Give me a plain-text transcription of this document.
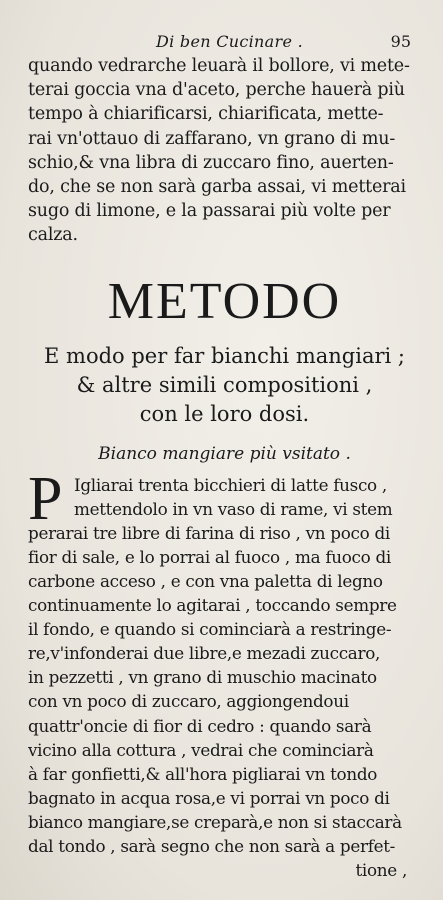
Di ben Cucinare .	95
quando vedrarche leuarà il bollore, vi mete-
terai goccia vna d'aceto, perche hauerà più
tempo à chiarificarsi, chiarificata, mette-
rai vn'ottauo di zaffarano, vn grano di mu-
schio,& vna libra di zuccaro fino, auerten-
do, che se non sarà garba assai, vi metterai
sugo di limone, e la passarai più volte per
calza.
METODO
E modo per far bianchi mangiari ;
& altre simili compositioni ,
con le loro dosi.
Bianco mangiare più vsitato .
P Igliarai trenta bicchieri di latte fusco ,
mettendolo in vn vaso di rame, vi stem
perarai tre libre di farina di riso , vn poco di
fior di sale, e lo porrai al fuoco , ma fuoco di
carbone acceso , e con vna paletta di legno
continuamente lo agitarai , toccando sempre
il fondo, e quando si cominciarà a restringe-
re,v'infonderai due libre,e mezadi zuccaro,
in pezzetti , vn grano di muschio macinato
con vn poco di zuccaro, aggiongendoui
quattr'oncie di fior di cedro : quando sarà
vicino alla cottura , vedrai che cominciarà
à far gonfietti,& all'hora pigliarai vn tondo
bagnato in acqua rosa,e vi porrai vn poco di
bianco mangiare,se creparà,e non si staccarà
dal tondo , sarà segno che non sarà a perfet-
tione ,
